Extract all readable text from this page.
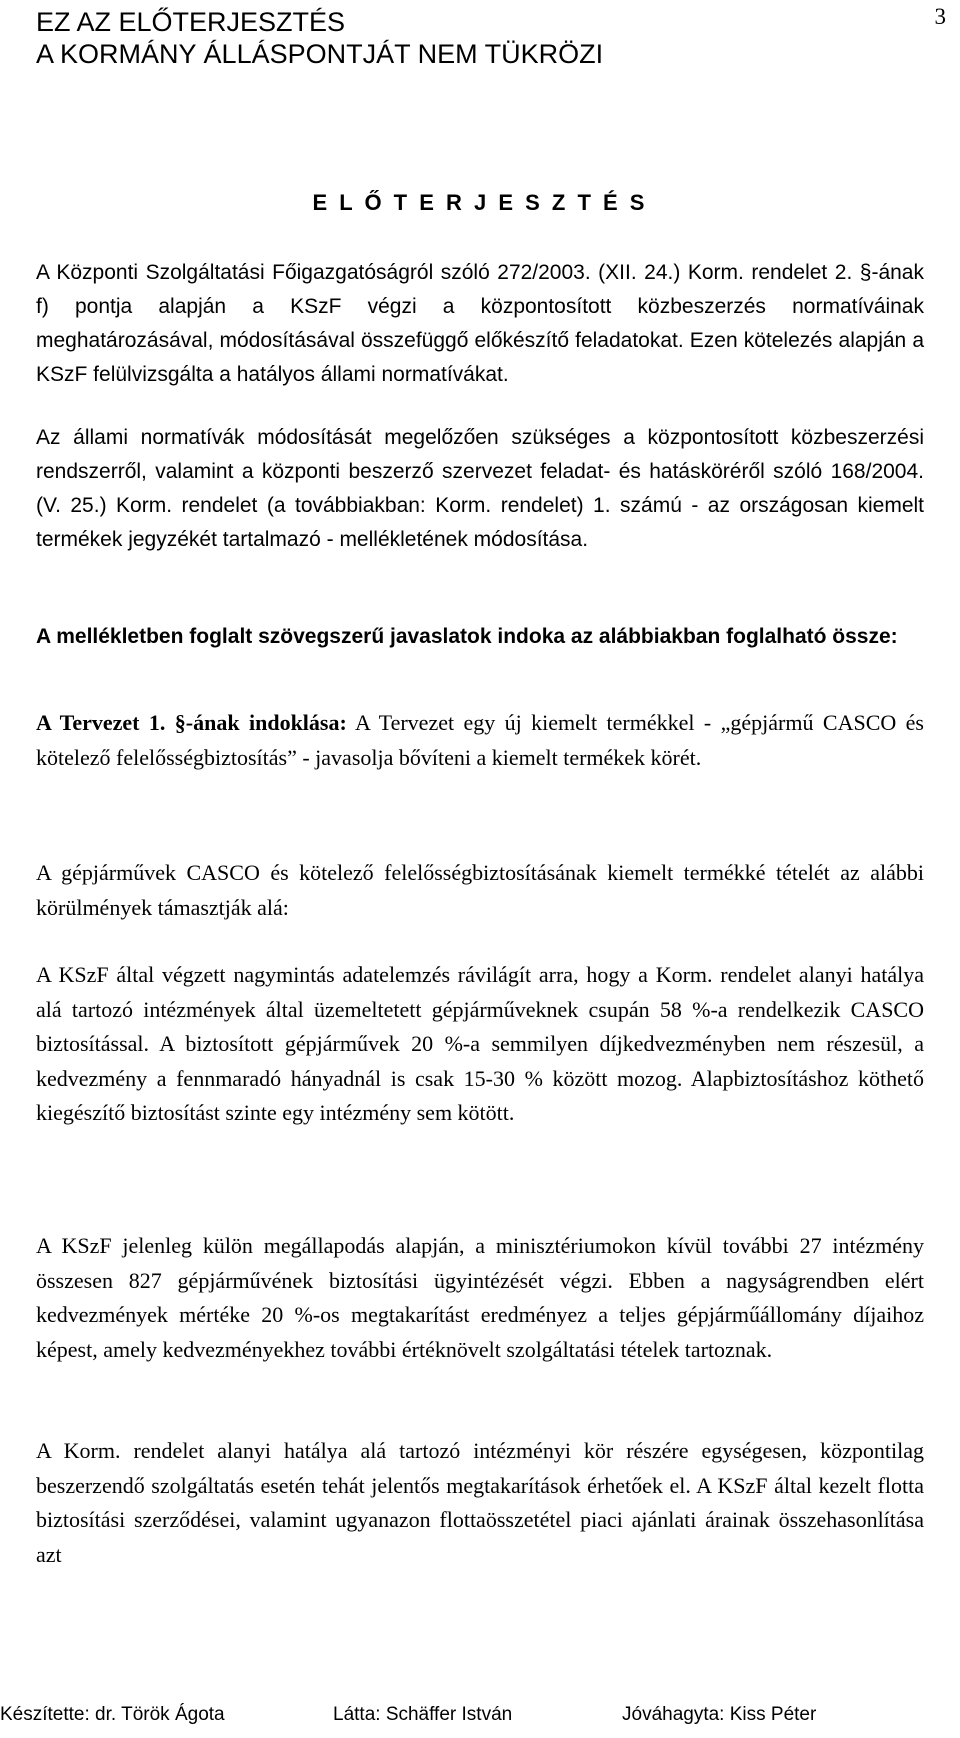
EZ AZ ELŐTERJESZTÉS
A KORMÁNY ÁLLÁSPONTJÁT NEM TÜKRÖZI
3
E L Ő T E R J E S Z T É S

A Központi Szolgáltatási Főigazgatóságról szóló 272/2003. (XII. 24.) Korm. rendelet 2. §-ának f) pontja alapján a KSzF végzi a központosított közbeszerzés normatíváinak meghatározásával, módosításával összefüggő előkészítő feladatokat. Ezen kötelezés alapján a KSzF felülvizsgálta a hatályos állami normatívákat.

Az állami normatívák módosítását megelőzően szükséges a központosított közbeszerzési rendszerről, valamint a központi beszerző szervezet feladat- és hatásköréről szóló 168/2004. (V. 25.) Korm. rendelet (a továbbiakban: Korm. rendelet) 1. számú - az országosan kiemelt termékek jegyzékét tartalmazó - mellékletének módosítása.

A mellékletben foglalt szövegszerű javaslatok indoka az alábbiakban foglalható össze:

A Tervezet 1. §-ának indoklása: A Tervezet egy új kiemelt termékkel - „gépjármű CASCO és kötelező felelősségbiztosítás” - javasolja bővíteni a kiemelt termékek körét.

A gépjárművek CASCO és kötelező felelősségbiztosításának kiemelt termékké tételét az alábbi körülmények támasztják alá:

A KSzF által végzett nagymintás adatelemzés rávilágít arra, hogy a Korm. rendelet alanyi hatálya alá tartozó intézmények által üzemeltetett gépjárműveknek csupán 58 %-a rendelkezik CASCO biztosítással. A biztosított gépjárművek 20 %-a semmilyen díjkedvezményben nem részesül, a kedvezmény a fennmaradó hányadnál is csak 15-30 % között mozog. Alapbiztosításhoz köthető kiegészítő biztosítást szinte egy intézmény sem kötött.

A KSzF jelenleg külön megállapodás alapján, a minisztériumokon kívül további 27 intézmény összesen 827 gépjárművének biztosítási ügyintézését végzi. Ebben a nagyságrendben elért kedvezmények mértéke 20 %-os megtakarítást eredményez a teljes gépjárműállomány díjaihoz képest, amely kedvezményekhez további értéknövelt szolgáltatási tételek tartoznak.

A Korm. rendelet alanyi hatálya alá tartozó intézményi kör részére egységesen, központilag beszerzendő szolgáltatás esetén tehát jelentős megtakarítások érhetőek el. A KSzF által kezelt flotta biztosítási szerződései, valamint ugyanazon flottaösszetétel piaci ajánlati árainak összehasonlítása azt

Készítette: dr. Török Ágota	Látta: Schäffer István	Jóváhagyta: Kiss Péter
